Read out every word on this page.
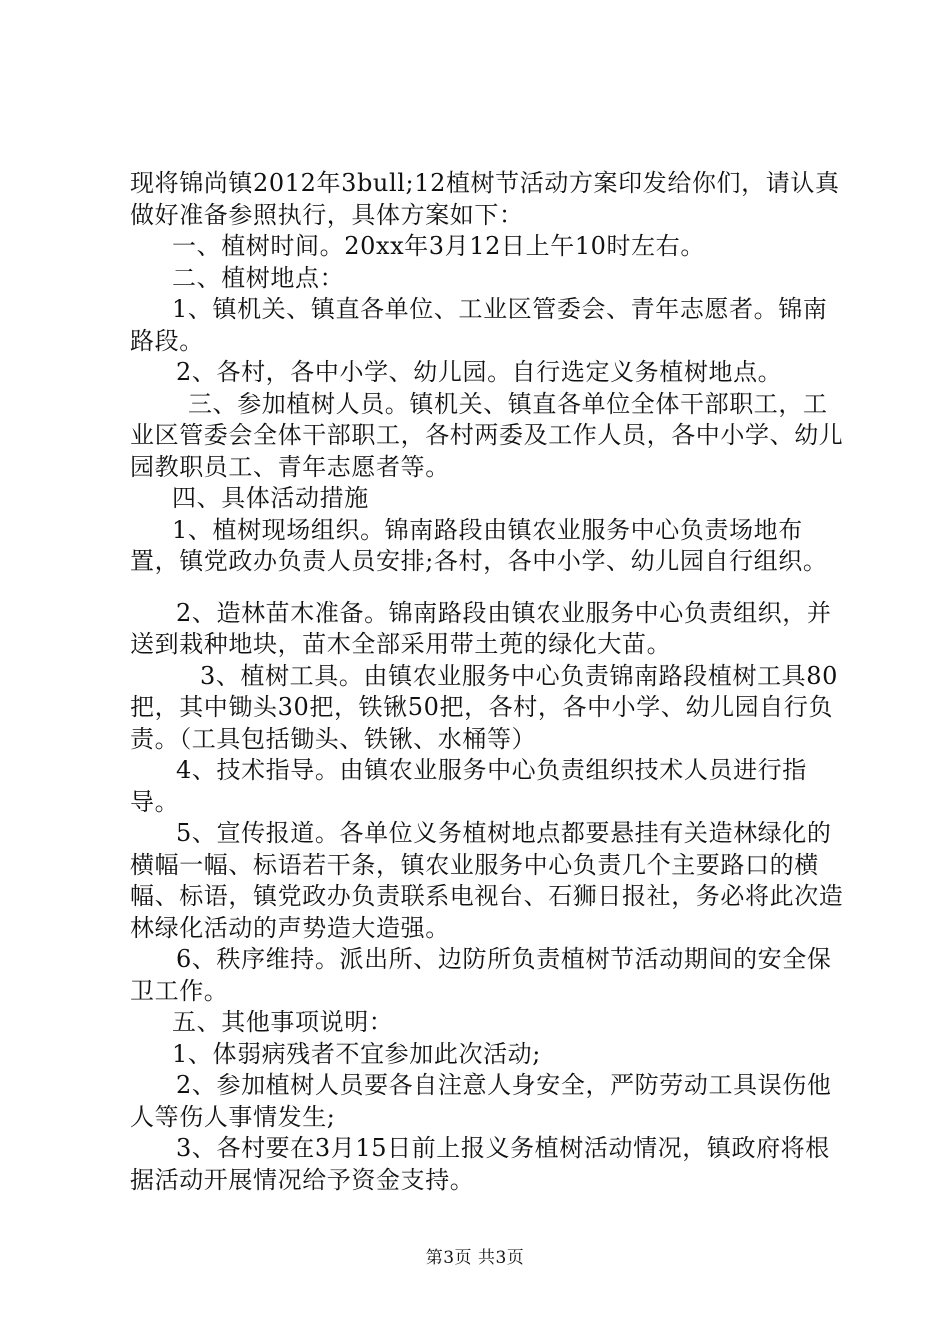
现将锦尚镇2012年3bull;12植树节活动方案印发给你们，请认真做好准备参照执行，具体方案如下：

一、植树时间。20xx年3月12日上午10时左右。

二、植树地点：

1、镇机关、镇直各单位、工业区管委会、青年志愿者。锦南路段。

2、各村，各中小学、幼儿园。自行选定义务植树地点。

三、参加植树人员。镇机关、镇直各单位全体干部职工，工业区管委会全体干部职工，各村两委及工作人员，各中小学、幼儿园教职员工、青年志愿者等。

四、具体活动措施

1、植树现场组织。锦南路段由镇农业服务中心负责场地布置，镇党政办负责人员安排;各村，各中小学、幼儿园自行组织。

2、造林苗木准备。锦南路段由镇农业服务中心负责组织，并送到栽种地块，苗木全部采用带土蔸的绿化大苗。

3、植树工具。由镇农业服务中心负责锦南路段植树工具80把，其中锄头30把，铁锹50把，各村，各中小学、幼儿园自行负责。（工具包括锄头、铁锹、水桶等）

4、技术指导。由镇农业服务中心负责组织技术人员进行指导。

5、宣传报道。各单位义务植树地点都要悬挂有关造林绿化的横幅一幅、标语若干条，镇农业服务中心负责几个主要路口的横幅、标语，镇党政办负责联系电视台、石狮日报社，务必将此次造林绿化活动的声势造大造强。

6、秩序维持。派出所、边防所负责植树节活动期间的安全保卫工作。

五、其他事项说明：

1、体弱病残者不宜参加此次活动;

2、参加植树人员要各自注意人身安全，严防劳动工具误伤他人等伤人事情发生;

3、各村要在3月15日前上报义务植树活动情况，镇政府将根据活动开展情况给予资金支持。

第3页 共3页
